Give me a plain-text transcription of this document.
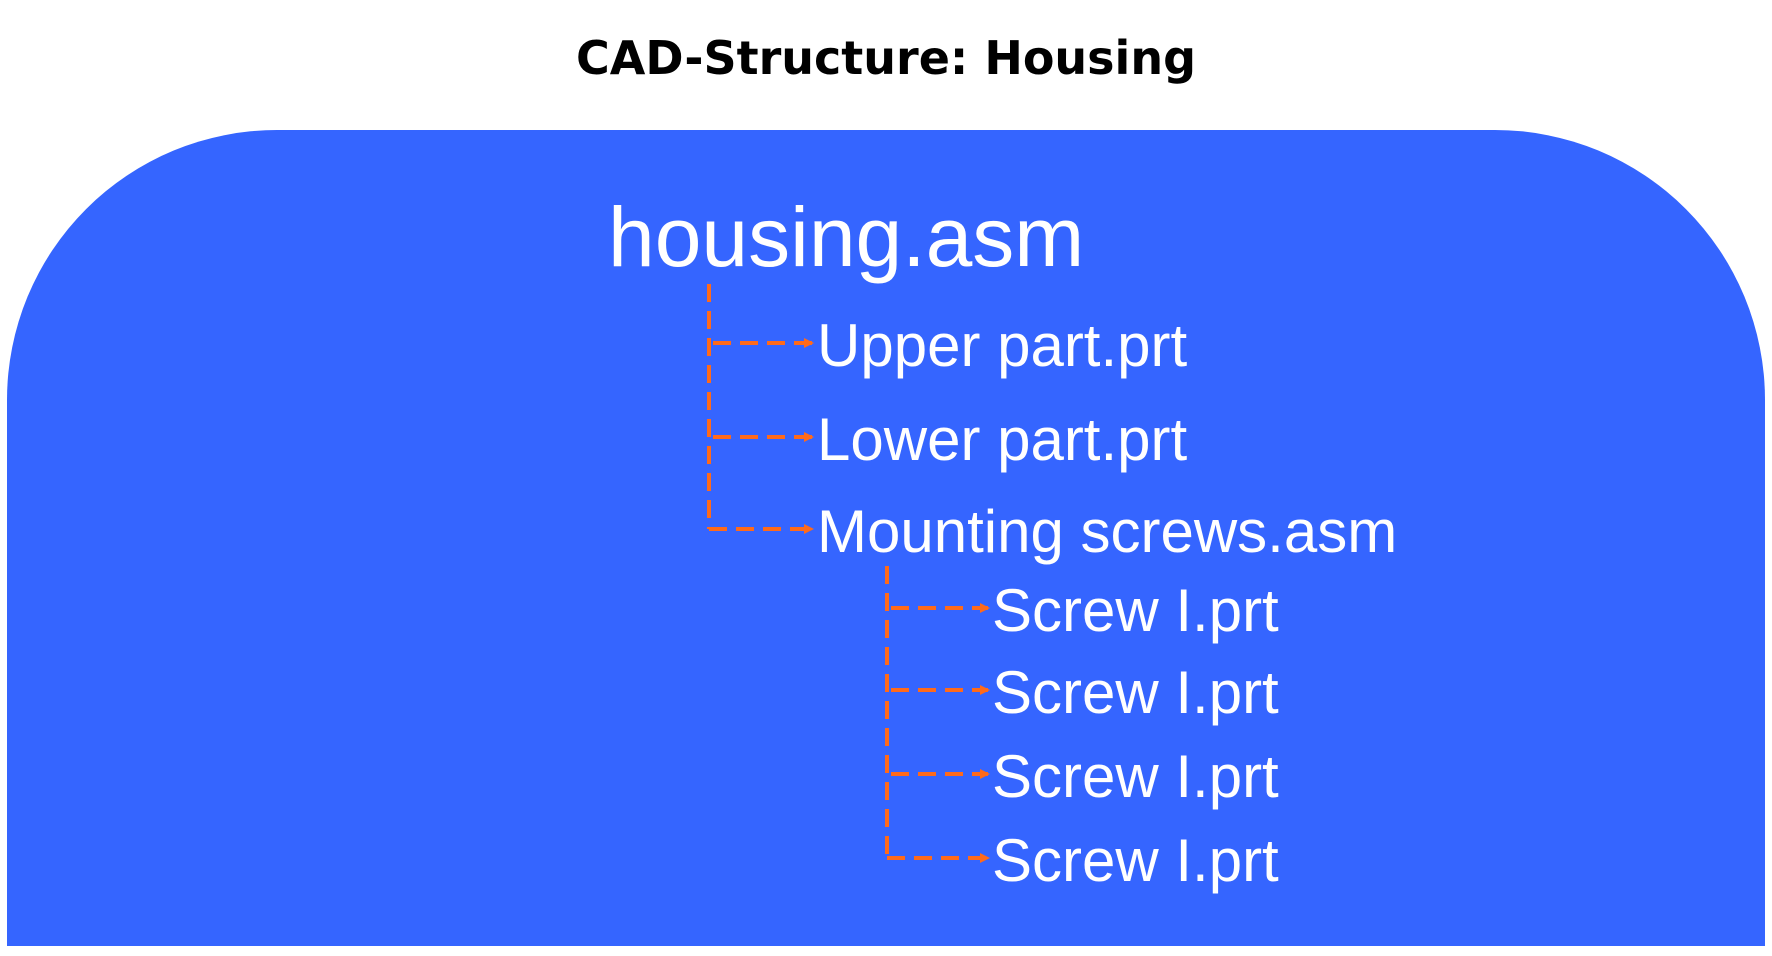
CAD-Structure: Housing
housing.asm
Upper part.prt
Lower part.prt
Mounting screws.asm
Screw I.prt
Screw I.prt
Screw I.prt
Screw I.prt
